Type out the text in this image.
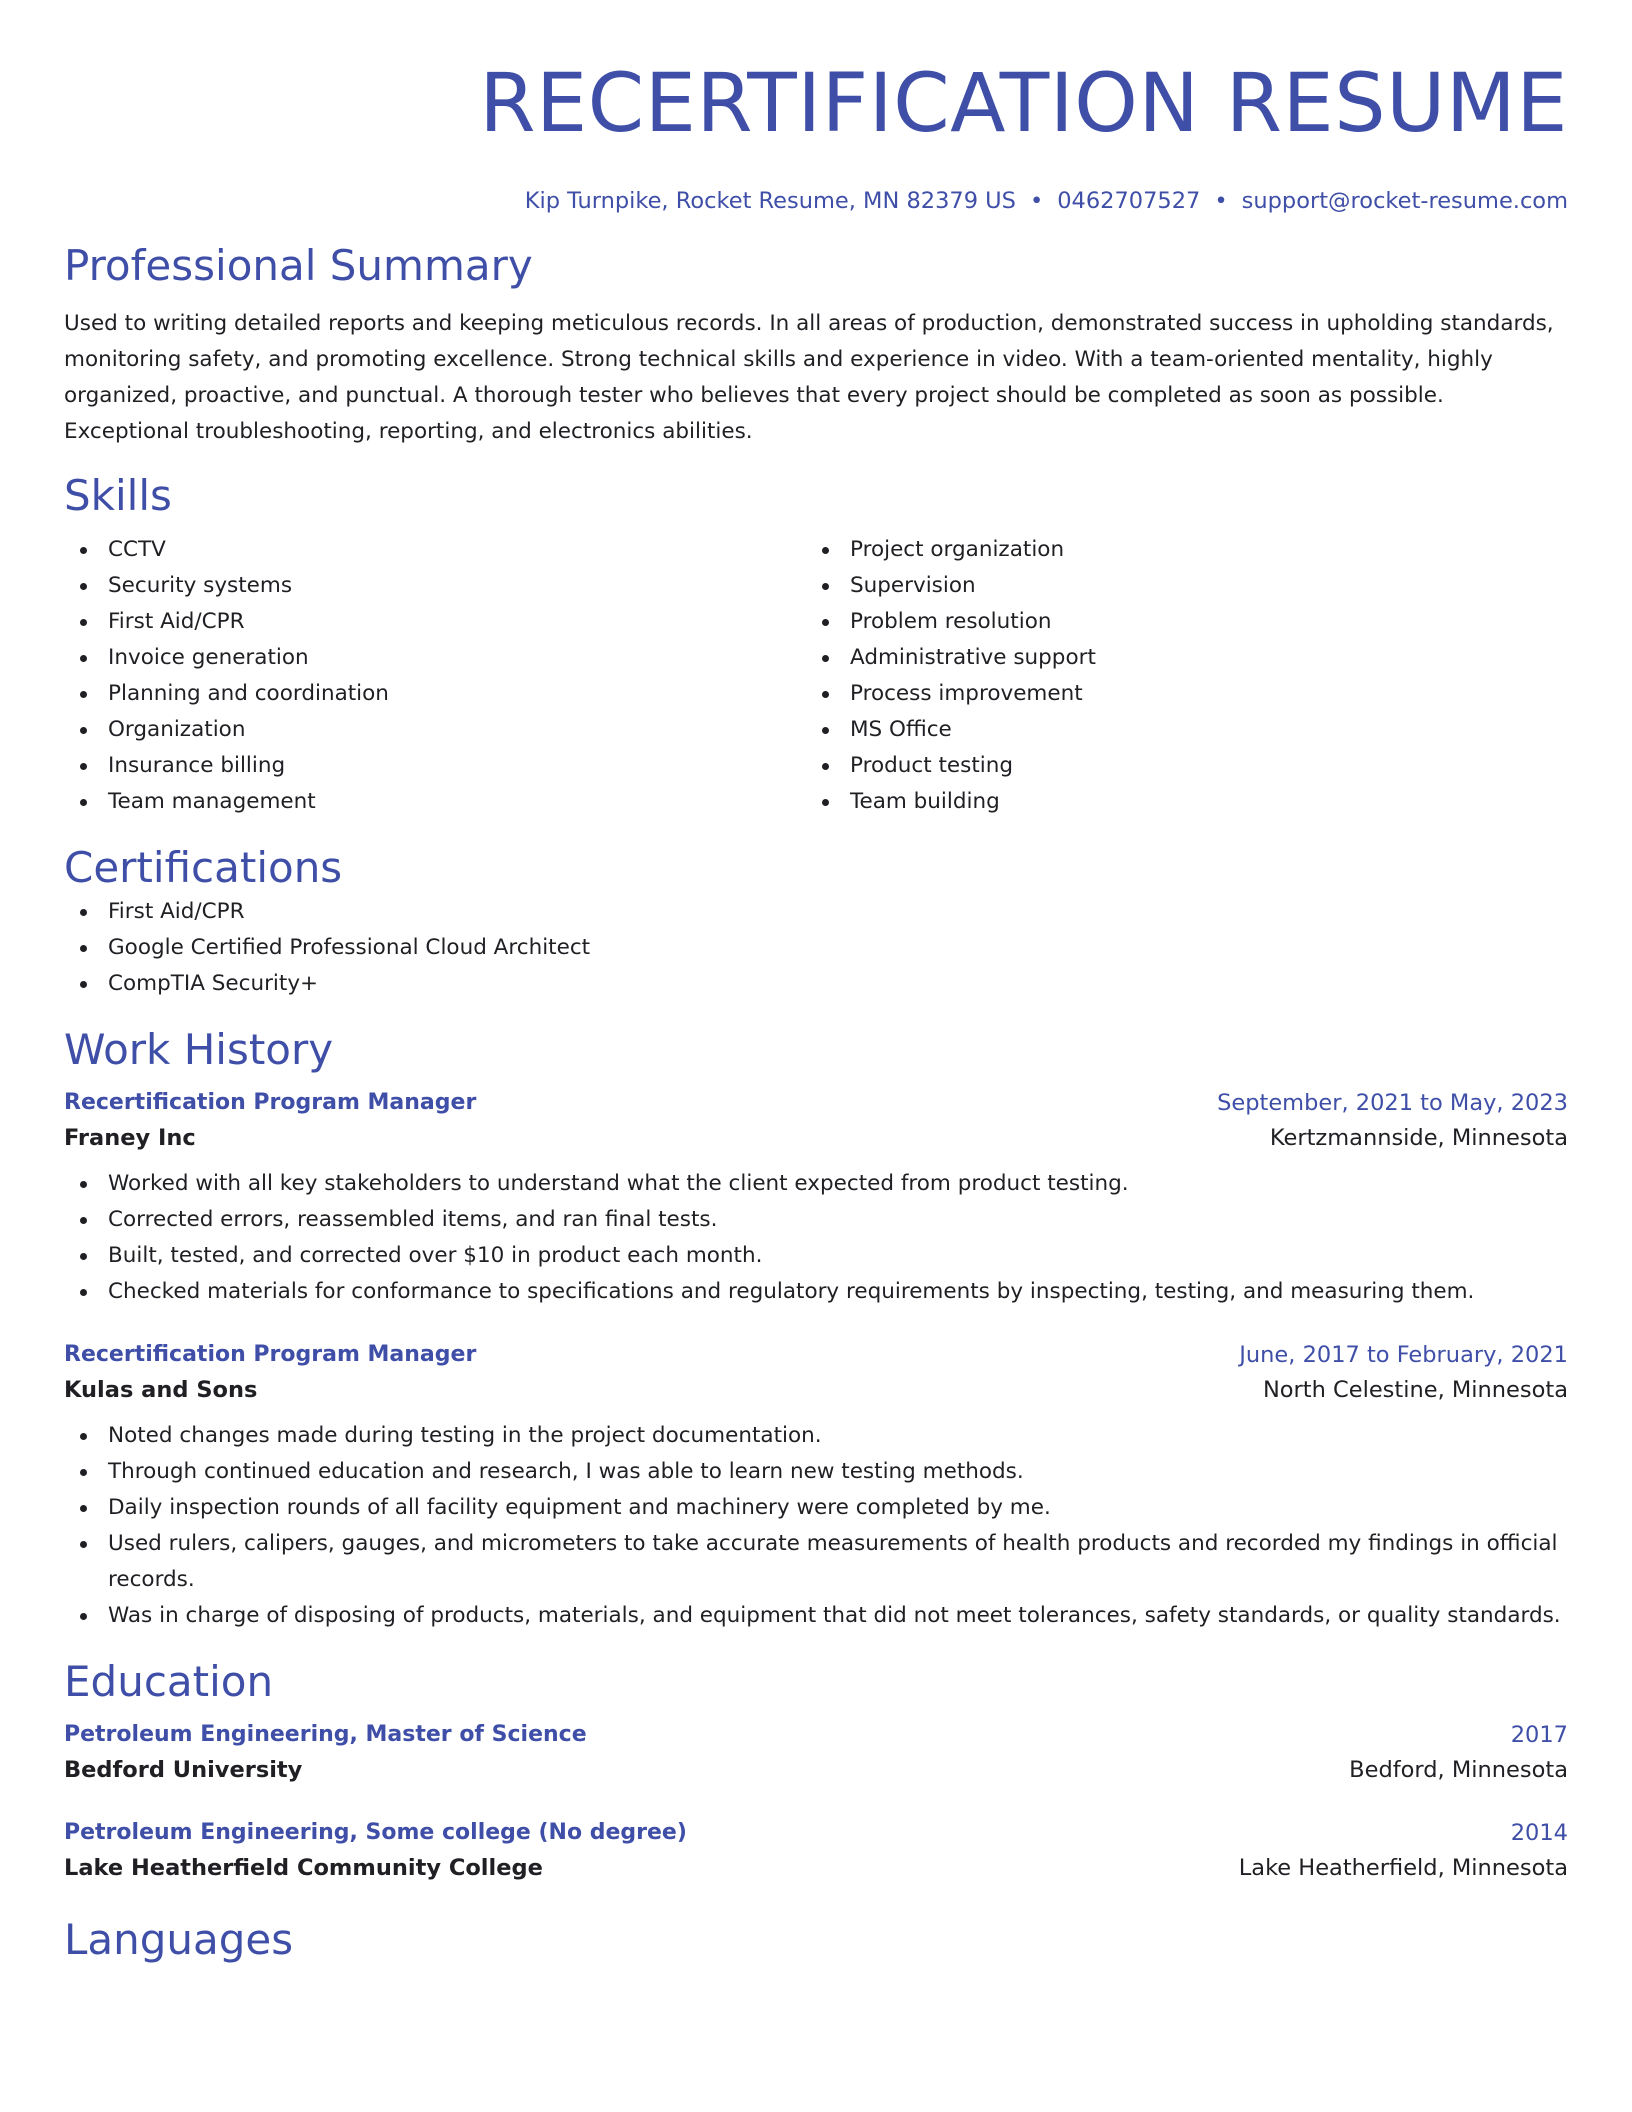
RECERTIFICATION RESUME
Kip Turnpike, Rocket Resume, MN 82379 US • 0462707527 • support@rocket-resume.com
Professional Summary

Used to writing detailed reports and keeping meticulous records. In all areas of production, demonstrated success in upholding standards, monitoring safety, and promoting excellence. Strong technical skills and experience in video. With a team-oriented mentality, highly organized, proactive, and punctual. A thorough tester who believes that every project should be completed as soon as possible. Exceptional troubleshooting, reporting, and electronics abilities.

Skills
CCTV
Security systems
First Aid/CPR
Invoice generation
Planning and coordination
Organization
Insurance billing
Team management
Project organization
Supervision
Problem resolution
Administrative support
Process improvement
MS Office
Product testing
Team building
Certifications
First Aid/CPR
Google Certified Professional Cloud Architect
CompTIA Security+
Work History
Recertification Program Manager	September, 2021 to May, 2023
Franey Inc	Kertzmannside, Minnesota
Worked with all key stakeholders to understand what the client expected from product testing.
Corrected errors, reassembled items, and ran final tests.
Built, tested, and corrected over $10 in product each month.
Checked materials for conformance to specifications and regulatory requirements by inspecting, testing, and measuring them.
Recertification Program Manager	June, 2017 to February, 2021
Kulas and Sons	North Celestine, Minnesota
Noted changes made during testing in the project documentation.
Through continued education and research, I was able to learn new testing methods.
Daily inspection rounds of all facility equipment and machinery were completed by me.
Used rulers, calipers, gauges, and micrometers to take accurate measurements of health products and recorded my findings in official records.
Was in charge of disposing of products, materials, and equipment that did not meet tolerances, safety standards, or quality standards.
Education
Petroleum Engineering, Master of Science	2017
Bedford University	Bedford, Minnesota
Petroleum Engineering, Some college (No degree)	2014
Lake Heatherfield Community College	Lake Heatherfield, Minnesota
Languages
